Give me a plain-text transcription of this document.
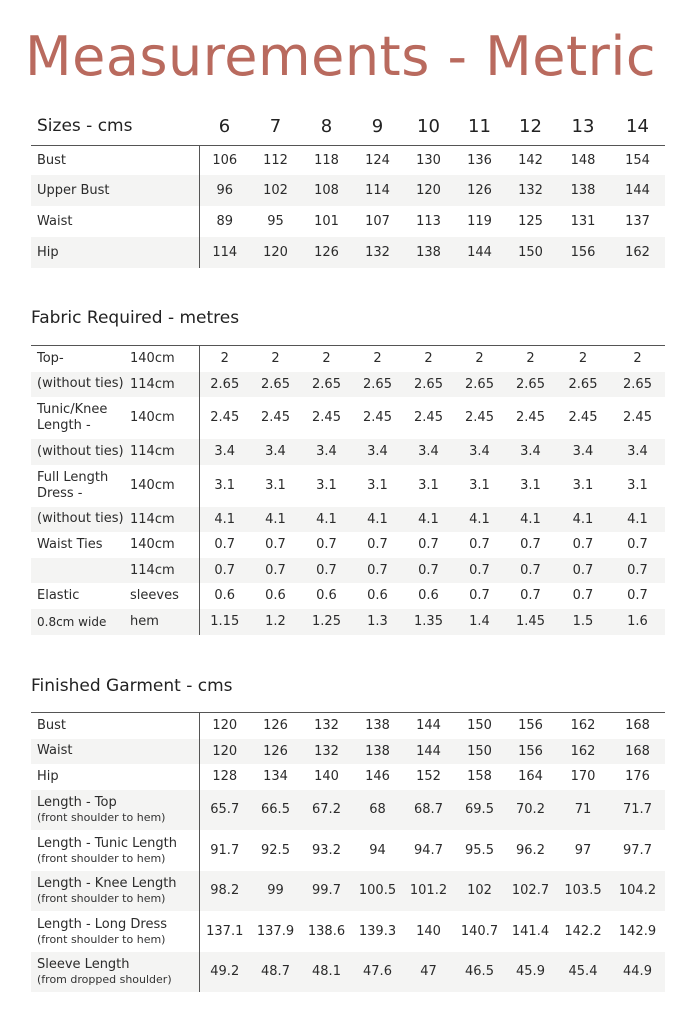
Measurements - Metric
Sizes - cms	6	7	8	9	10	11	12	13	14
Bust	106	112	118	124	130	136	142	148	154
Upper Bust	96	102	108	114	120	126	132	138	144
Waist	89	95	101	107	113	119	125	131	137
Hip	114	120	126	132	138	144	150	156	162
Fabric Required - metres
Top-	140cm	2	2	2	2	2	2	2	2	2
(without ties)	114cm	2.65	2.65	2.65	2.65	2.65	2.65	2.65	2.65	2.65
Tunic/Knee Length -	140cm	2.45	2.45	2.45	2.45	2.45	2.45	2.45	2.45	2.45
(without ties)	114cm	3.4	3.4	3.4	3.4	3.4	3.4	3.4	3.4	3.4
Full Length Dress -	140cm	3.1	3.1	3.1	3.1	3.1	3.1	3.1	3.1	3.1
(without ties)	114cm	4.1	4.1	4.1	4.1	4.1	4.1	4.1	4.1	4.1
Waist Ties	140cm	0.7	0.7	0.7	0.7	0.7	0.7	0.7	0.7	0.7
	114cm	0.7	0.7	0.7	0.7	0.7	0.7	0.7	0.7	0.7
Elastic	sleeves	0.6	0.6	0.6	0.6	0.6	0.7	0.7	0.7	0.7
0.8cm wide	hem	1.15	1.2	1.25	1.3	1.35	1.4	1.45	1.5	1.6
Finished Garment - cms
Bust	120	126	132	138	144	150	156	162	168

Waist	120	126	132	138	144	150	156	162	168

Hip	128	134	140	146	152	158	164	170	176

Length - Top
(front shoulder to hem)	65.7	66.5	67.2	68	68.7	69.5	70.2	71	71.7

Length - Tunic Length
(front shoulder to hem)	91.7	92.5	93.2	94	94.7	95.5	96.2	97	97.7

Length - Knee Length
(front shoulder to hem)	98.2	99	99.7	100.5	101.2	102	102.7	103.5	104.2

Length - Long Dress
(front shoulder to hem)	137.1	137.9	138.6	139.3	140	140.7	141.4	142.2	142.9

Sleeve Length
(from dropped shoulder)	49.2	48.7	48.1	47.6	47	46.5	45.9	45.4	44.9
